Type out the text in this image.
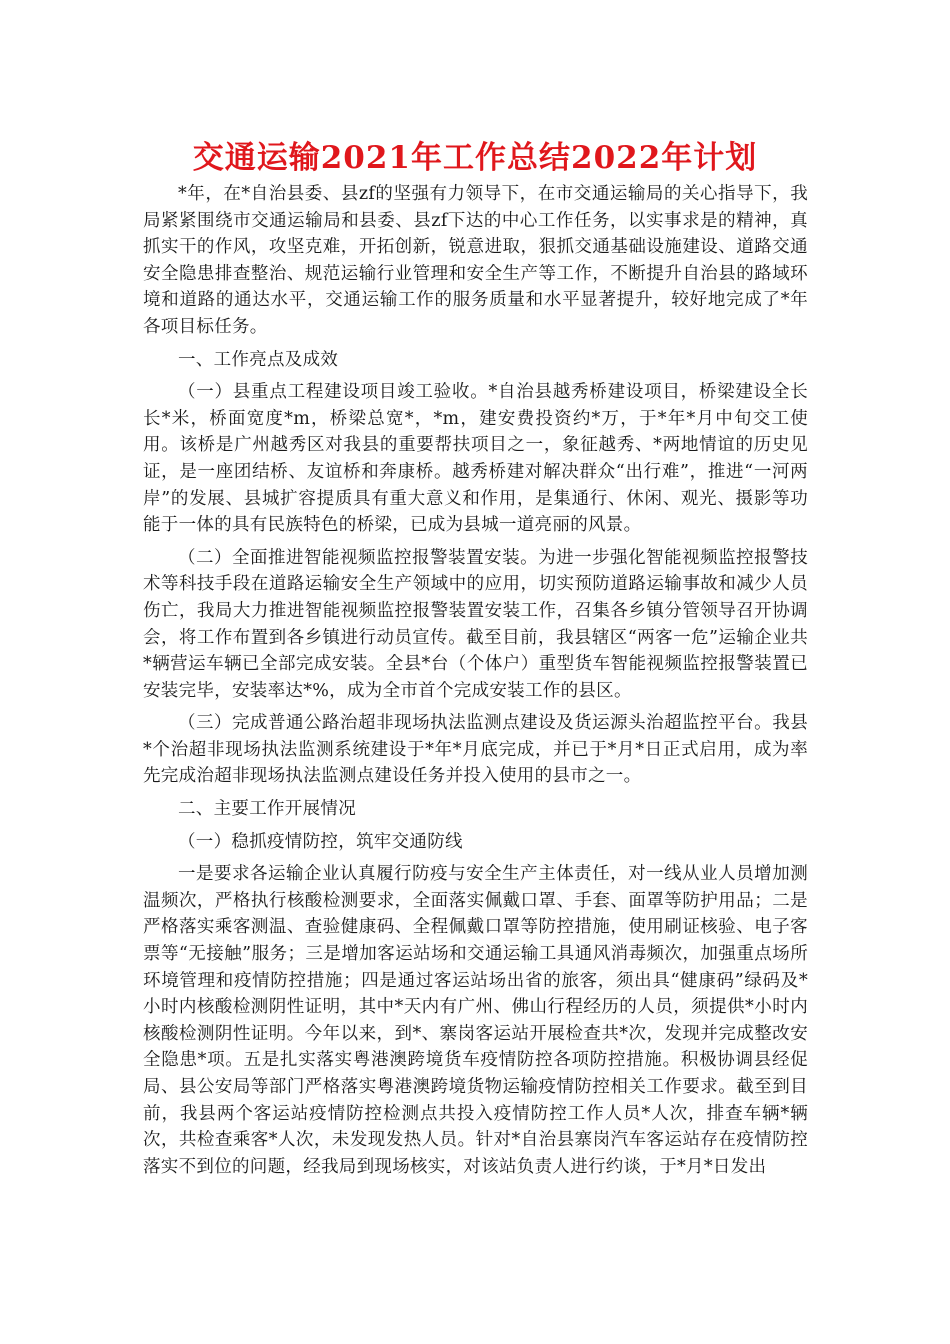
交通运输2021年工作总结2022年计划

*年，在*自治县委、县zf的坚强有力领导下，在市交通运输局的关心指导下，我局紧紧围绕市交通运输局和县委、县zf下达的中心工作任务，以实事求是的精神，真抓实干的作风，攻坚克难，开拓创新，锐意进取，狠抓交通基础设施建设、道路交通安全隐患排查整治、规范运输行业管理和安全生产等工作，不断提升自治县的路域环境和道路的通达水平，交通运输工作的服务质量和水平显著提升，较好地完成了*年各项目标任务。

一、工作亮点及成效

（一）县重点工程建设项目竣工验收。*自治县越秀桥建设项目，桥梁建设全长长*米，桥面宽度*m，桥梁总宽*，*m，建安费投资约*万，于*年*月中旬交工使用。该桥是广州越秀区对我县的重要帮扶项目之一，象征越秀、*两地情谊的历史见证，是一座团结桥、友谊桥和奔康桥。越秀桥建对解决群众“出行难”，推进“一河两岸”的发展、县城扩容提质具有重大意义和作用，是集通行、休闲、观光、摄影等功能于一体的具有民族特色的桥梁，已成为县城一道亮丽的风景。

（二）全面推进智能视频监控报警装置安装。为进一步强化智能视频监控报警技术等科技手段在道路运输安全生产领域中的应用，切实预防道路运输事故和减少人员伤亡，我局大力推进智能视频监控报警装置安装工作，召集各乡镇分管领导召开协调会，将工作布置到各乡镇进行动员宣传。截至目前，我县辖区“两客一危”运输企业共*辆营运车辆已全部完成安装。全县*台（个体户）重型货车智能视频监控报警装置已安装完毕，安装率达*%，成为全市首个完成安装工作的县区。

（三）完成普通公路治超非现场执法监测点建设及货运源头治超监控平台。我县*个治超非现场执法监测系统建设于*年*月底完成，并已于*月*日正式启用，成为率先完成治超非现场执法监测点建设任务并投入使用的县市之一。

二、主要工作开展情况

（一）稳抓疫情防控，筑牢交通防线

一是要求各运输企业认真履行防疫与安全生产主体责任，对一线从业人员增加测温频次，严格执行核酸检测要求，全面落实佩戴口罩、手套、面罩等防护用品；二是严格落实乘客测温、查验健康码、全程佩戴口罩等防控措施，使用刷证核验、电子客票等“无接触”服务；三是增加客运站场和交通运输工具通风消毒频次，加强重点场所环境管理和疫情防控措施；四是通过客运站场出省的旅客，须出具“健康码”绿码及*小时内核酸检测阴性证明，其中*天内有广州、佛山行程经历的人员，须提供*小时内核酸检测阴性证明。今年以来，到*、寨岗客运站开展检查共*次，发现并完成整改安全隐患*项。五是扎实落实粤港澳跨境货车疫情防控各项防控措施。积极协调县经促局、县公安局等部门严格落实粤港澳跨境货物运输疫情防控相关工作要求。截至到目前，我县两个客运站疫情防控检测点共投入疫情防控工作人员*人次，排查车辆*辆次，共检查乘客*人次，未发现发热人员。针对*自治县寨岗汽车客运站存在疫情防控落实不到位的问题，经我局到现场核实，对该站负责人进行约谈，于*月*日发出
